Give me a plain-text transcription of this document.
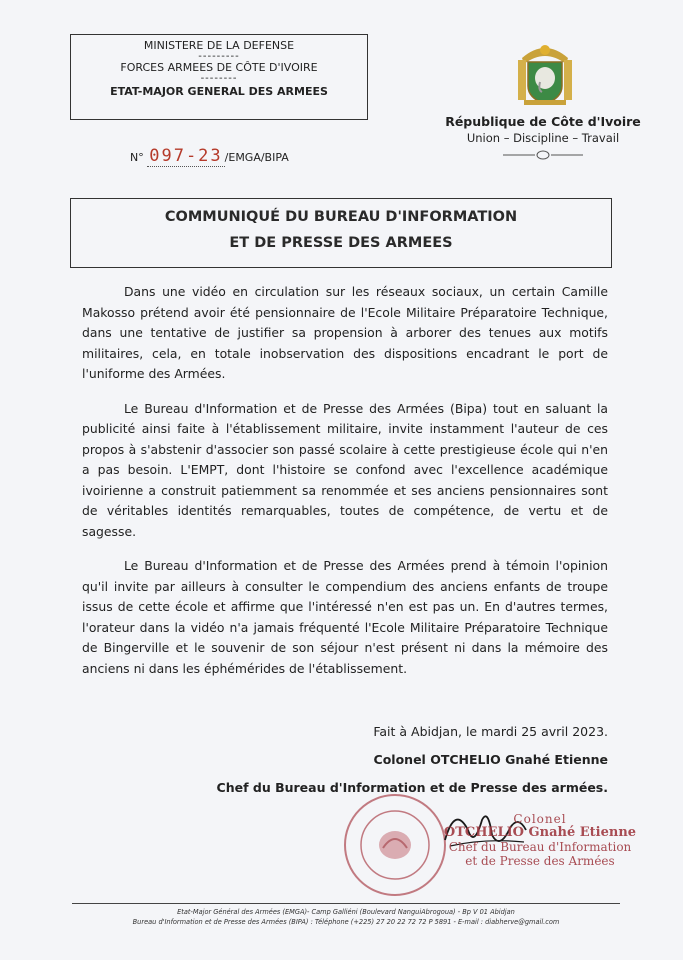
MINISTERE DE LA DEFENSE
---------
FORCES ARMEES DE CÔTE D'IVOIRE
--------
ETAT-MAJOR GENERAL DES ARMEES
République de Côte d'Ivoire
Union – Discipline – Travail
N° 097-23 /EMGA/BIPA
COMMUNIQUÉ DU BUREAU D'INFORMATION
ET DE PRESSE DES ARMEES

Dans une vidéo en circulation sur les réseaux sociaux, un certain Camille Makosso prétend avoir été pensionnaire de l'Ecole Militaire Préparatoire Technique, dans une tentative de justifier sa propension à arborer des tenues aux motifs militaires, cela, en totale inobservation des dispositions encadrant le port de l'uniforme des Armées.

Le Bureau d'Information et de Presse des Armées (Bipa) tout en saluant la publicité ainsi faite à l'établissement militaire, invite instamment l'auteur de ces propos à s'abstenir d'associer son passé scolaire à cette prestigieuse école qui n'en a pas besoin. L'EMPT, dont l'histoire se confond avec l'excellence académique ivoirienne a construit patiemment sa renommée et ses anciens pensionnaires sont de véritables identités remarquables, toutes de compétence, de vertu et de sagesse.

Le Bureau d'Information et de Presse des Armées prend à témoin l'opinion qu'il invite par ailleurs à consulter le compendium des anciens enfants de troupe issus de cette école et affirme que l'intéressé n'en est pas un. En d'autres termes, l'orateur dans la vidéo n'a jamais fréquenté l'Ecole Militaire Préparatoire Technique de Bingerville et le souvenir de son séjour n'est présent ni dans la mémoire des anciens ni dans les éphémérides de l'établissement.

Fait à Abidjan, le mardi 25 avril 2023.
Colonel OTCHELIO Gnahé Etienne
Chef du Bureau d'Information et de Presse des armées.
Colonel
OTCHELIO Gnahé Etienne
Chef du Bureau d'Information
et de Presse des Armées
Etat-Major Général des Armées (EMGA)- Camp Galliéni (Boulevard NanguiAbrogoua) - Bp V 01 Abidjan
Bureau d'Information et de Presse des Armées (BIPA) : Téléphone (+225) 27 20 22 72 72 P 5891 - E-mail : diabherve@gmail.com
